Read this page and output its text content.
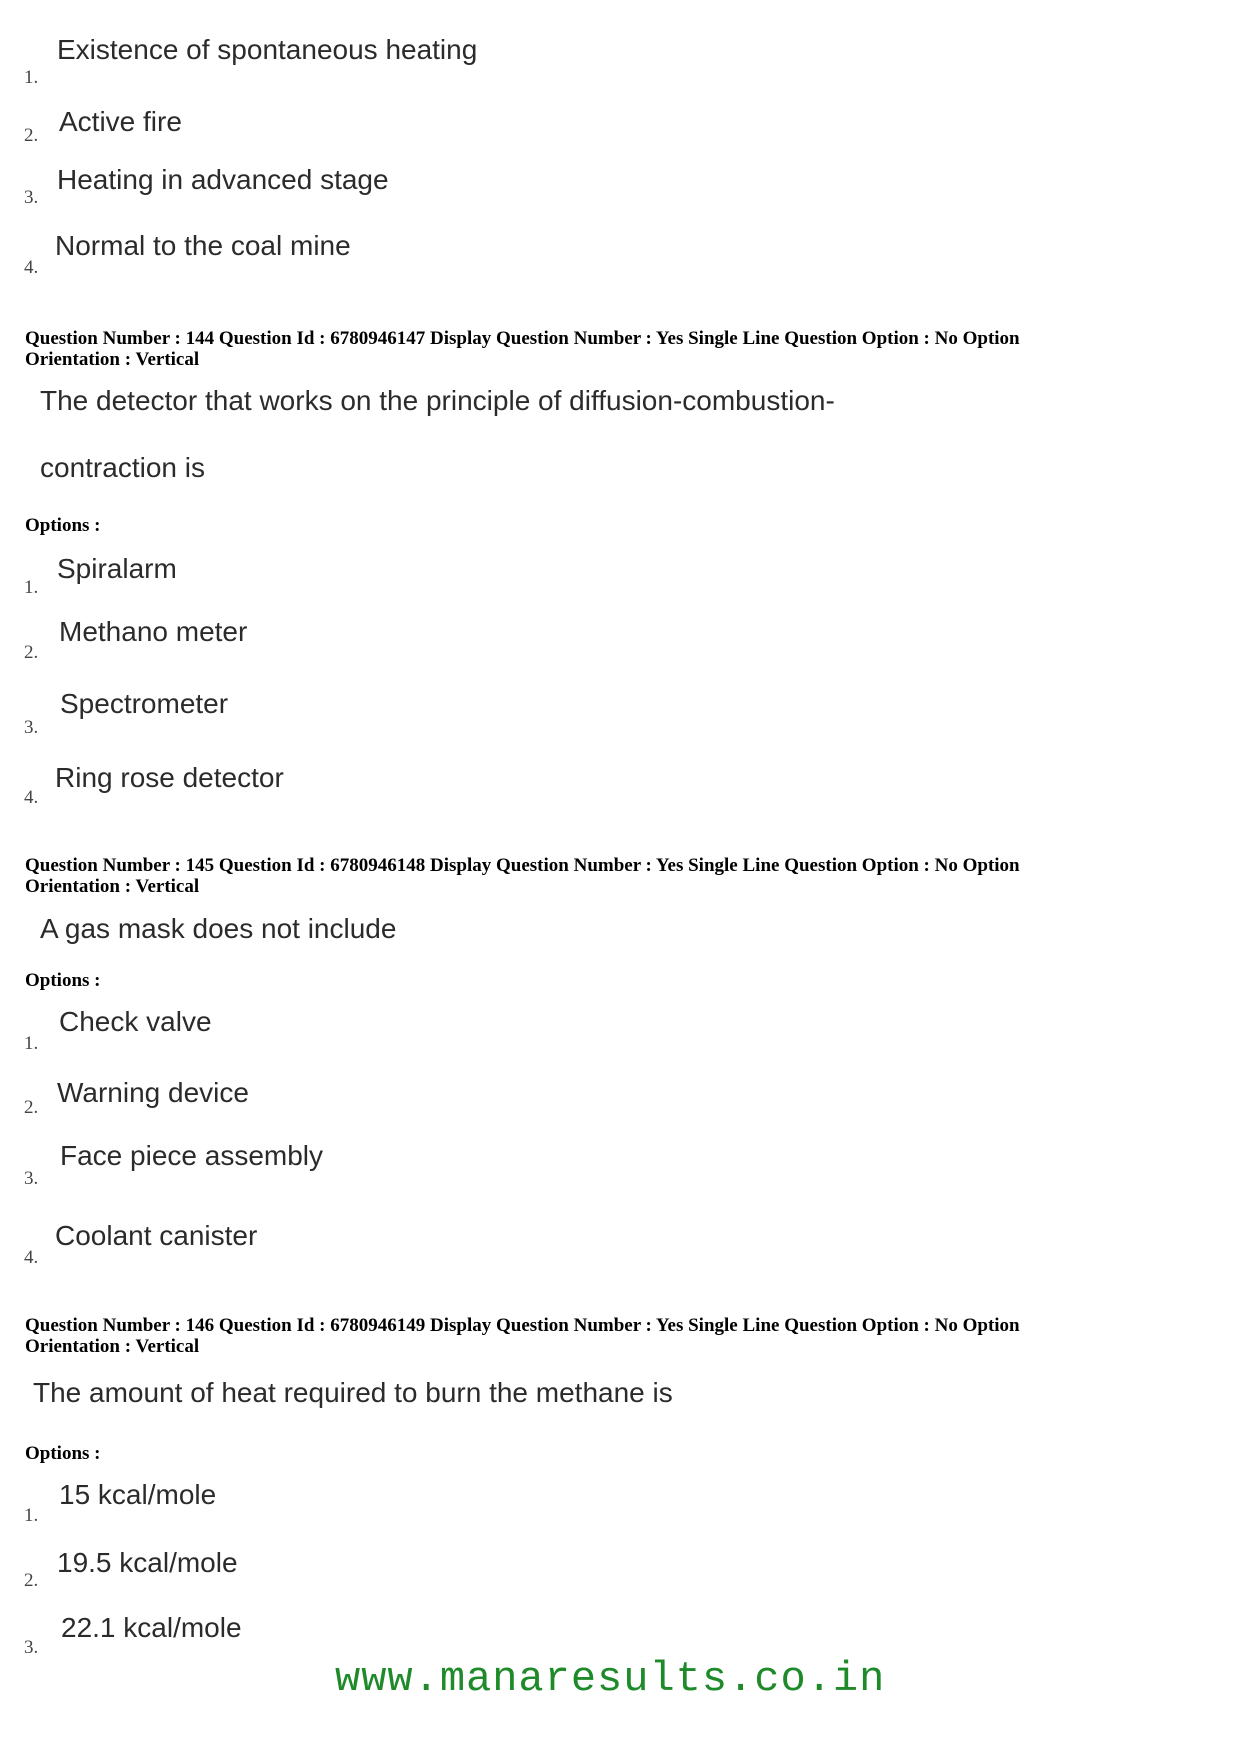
Existence of spontaneous heating
1.
Active fire
2.
Heating in advanced stage
3.
Normal to the coal mine
4.
Question Number : 144 Question Id : 6780946147 Display Question Number : Yes Single Line Question Option : No Option
Orientation : Vertical
The detector that works on the principle of diffusion-combustion-
contraction is
Options :
Spiralarm
1.
Methano meter
2.
Spectrometer
3.
Ring rose detector
4.
Question Number : 145 Question Id : 6780946148 Display Question Number : Yes Single Line Question Option : No Option
Orientation : Vertical
A gas mask does not include
Options :
Check valve
1.
Warning device
2.
Face piece assembly
3.
Coolant canister
4.
Question Number : 146 Question Id : 6780946149 Display Question Number : Yes Single Line Question Option : No Option
Orientation : Vertical
The amount of heat required to burn the methane is
Options :
15 kcal/mole
1.
19.5 kcal/mole
2.
22.1 kcal/mole
3.
www.manaresults.co.in
